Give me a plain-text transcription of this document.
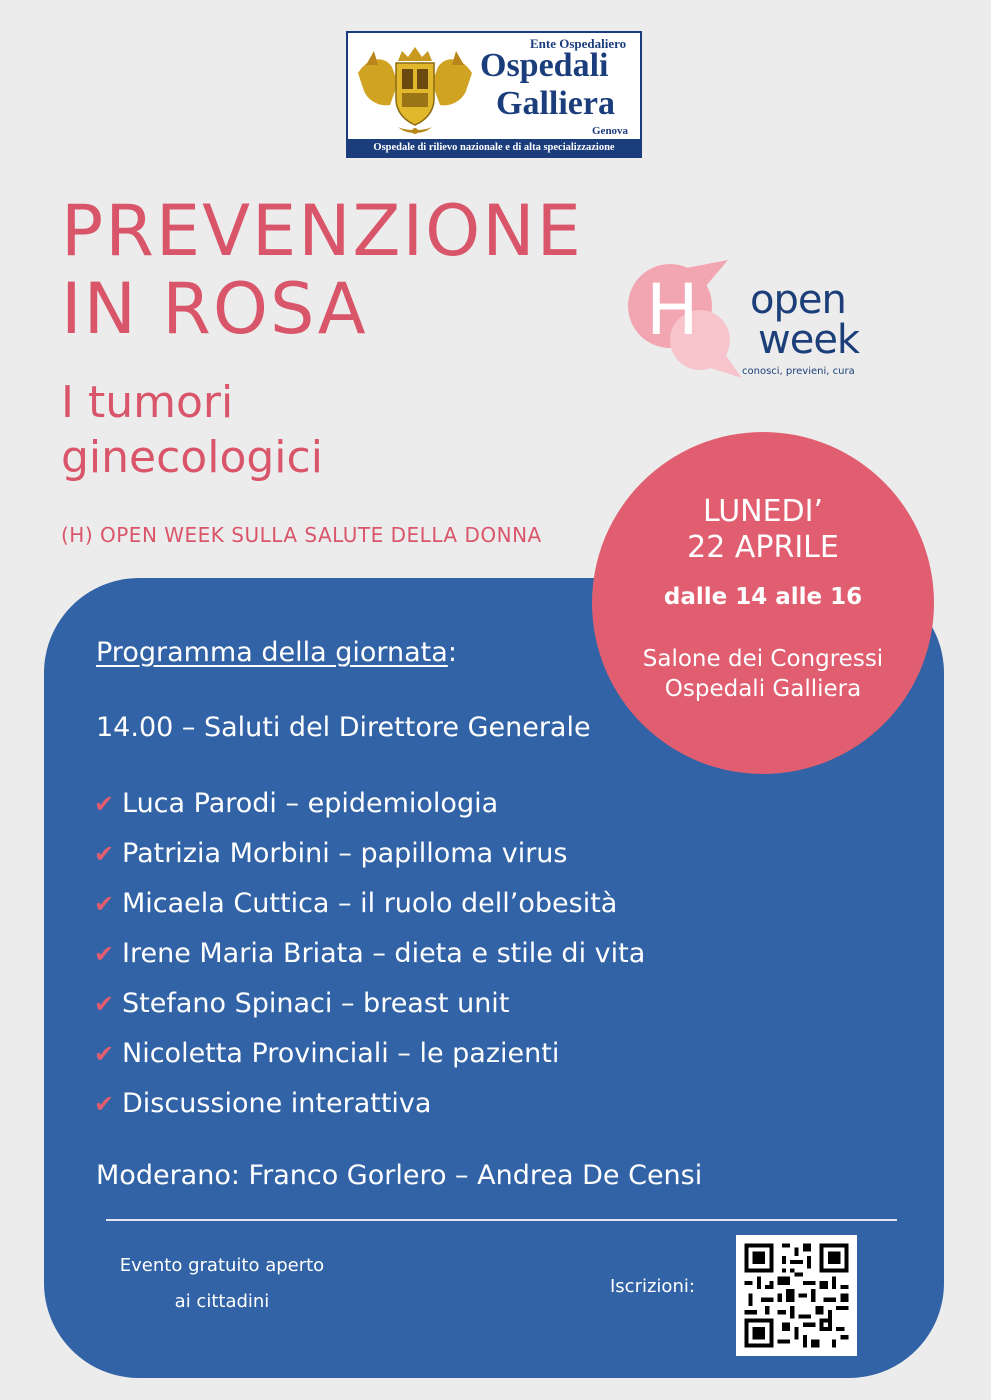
Ente Ospedaliero
Ospedali
Galliera
Genova
Ospedale di rilievo nazionale e di alta specializzazione
PREVENZIONE
IN ROSA
I tumori
ginecologici
(H) OPEN WEEK SULLA SALUTE DELLA DONNA
H open
week
conosci, previeni, cura
Programma della giornata:
14.00 – Saluti del Direttore Generale
✔ Luca Parodi – epidemiologia
✔ Patrizia Morbini – papilloma virus
✔ Micaela Cuttica – il ruolo dell’obesità
✔ Irene Maria Briata – dieta e stile di vita
✔ Stefano Spinaci – breast unit
✔ Nicoletta Provinciali – le pazienti
✔ Discussione interattiva
Moderano: Franco Gorlero – Andrea De Censi
Evento gratuito aperto
ai cittadini
Iscrizioni:
LUNEDI’
22 APRILE
dalle 14 alle 16
Salone dei Congressi
Ospedali Galliera
